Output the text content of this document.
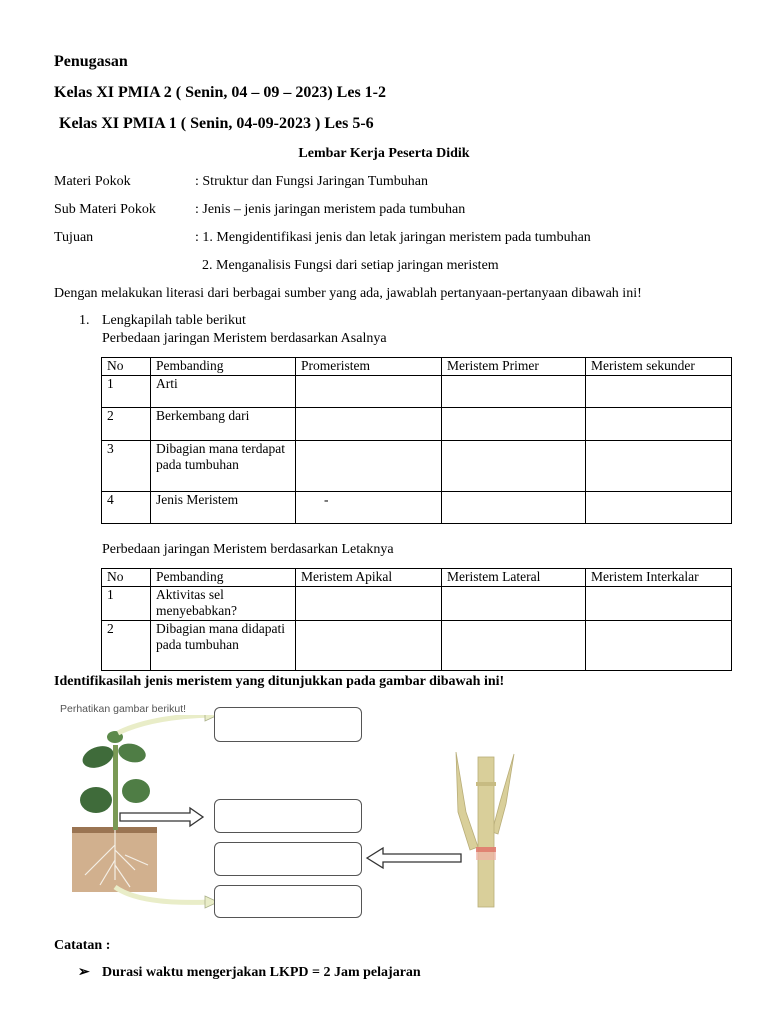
Penugasan
Kelas XI PMIA 2 ( Senin, 04 – 09 – 2023) Les 1-2
Kelas XI PMIA 1 ( Senin, 04-09-2023 ) Les 5-6
Lembar Kerja Peserta Didik
Materi Pokok	: Struktur dan Fungsi Jaringan Tumbuhan
Sub Materi Pokok	: Jenis – jenis jaringan meristem pada tumbuhan
Tujuan	: 1. Mengidentifikasi jenis dan letak jaringan meristem pada tumbuhan
2. Menganalisis Fungsi dari setiap jaringan meristem
Dengan melakukan literasi dari berbagai sumber yang ada, jawablah pertanyaan-pertanyaan dibawah ini!
1. Lengkapilah table berikut
Perbedaan jaringan Meristem berdasarkan Asalnya
No	Pembanding	Promeristem	Meristem Primer	Meristem sekunder
1	Arti			
2	Berkembang dari			
3	Dibagian mana terdapat pada tumbuhan			
4	Jenis Meristem	-		
Perbedaan jaringan Meristem berdasarkan Letaknya
No	Pembanding	Meristem Apikal	Meristem Lateral	Meristem Interkalar
1	Aktivitas sel menyebabkan?			
2	Dibagian mana didapati pada tumbuhan			
Identifikasilah jenis meristem yang ditunjukkan pada gambar dibawah ini!
Perhatikan gambar berikut!
Catatan :
➢ Durasi waktu mengerjakan LKPD = 2 Jam pelajaran
